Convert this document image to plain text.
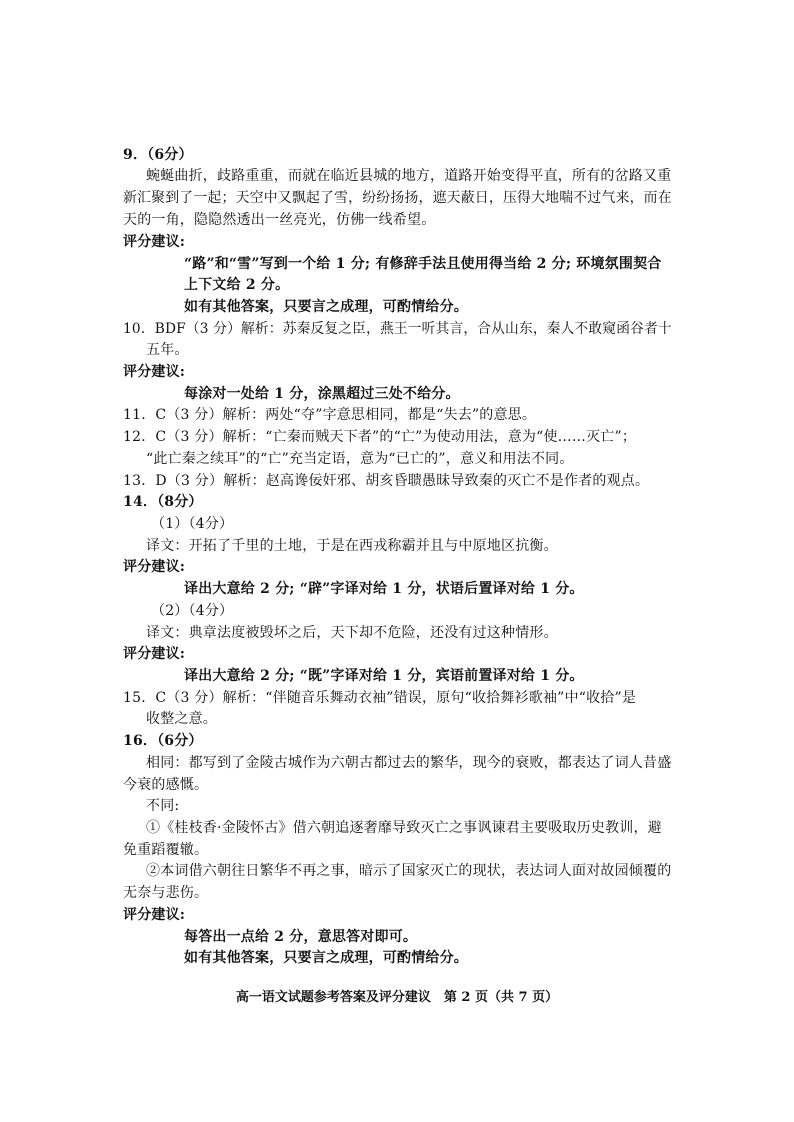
9．（6分）
蜿蜒曲折，歧路重重，而就在临近县城的地方，道路开始变得平直，所有的岔路又重
新汇聚到了一起；天空中又飘起了雪，纷纷扬扬，遮天蔽日，压得大地喘不过气来，而在
天的一角，隐隐然透出一丝亮光，仿佛一线希望。
评分建议:
“路”和“雪”写到一个给 1 分; 有修辞手法且使用得当给 2 分; 环境氛围契合
上下文给 2 分。
如有其他答案，只要言之成理，可酌情给分。
10．BDF（3 分）解析：苏秦反复之臣，燕王一听其言，合从山东，秦人不敢窥函谷者十
五年。
评分建议:
每涂对一处给 1 分，涂黑超过三处不给分。
11．C（3 分）解析：两处“夺”字意思相同，都是“失去”的意思。
12．C（3 分）解析：“亡秦而贼天下者”的“亡”为使动用法，意为“使……灭亡”；
“此亡秦之续耳”的“亡”充当定语，意为“已亡的”，意义和用法不同。
13．D（3 分）解析：赵高谗佞奸邪、胡亥昏聩愚昧导致秦的灭亡不是作者的观点。
14．（8分）
（1）（4分）
译文：开拓了千里的土地，于是在西戎称霸并且与中原地区抗衡。
评分建议:
译出大意给 2 分; “辟”字译对给 1 分，状语后置译对给 1 分。
（2）（4分）
译文：典章法度被毁坏之后，天下却不危险，还没有过这种情形。
评分建议:
译出大意给 2 分; “既”字译对给 1 分，宾语前置译对给 1 分。
15．C（3 分）解析：“伴随音乐舞动衣袖”错误，原句“收拾舞衫歌袖”中“收拾”是
收整之意。
16．（6分）
相同：都写到了金陵古城作为六朝古都过去的繁华，现今的衰败，都表达了词人昔盛
今衰的感慨。
不同:
①《桂枝香·金陵怀古》借六朝追逐奢靡导致灭亡之事讽谏君主要吸取历史教训，避
免重蹈覆辙。
②本词借六朝往日繁华不再之事，暗示了国家灭亡的现状，表达词人面对故园倾覆的
无奈与悲伤。
评分建议:
每答出一点给 2 分，意思答对即可。
如有其他答案，只要言之成理，可酌情给分。
高一语文试题参考答案及评分建议　第 2 页（共 7 页）
